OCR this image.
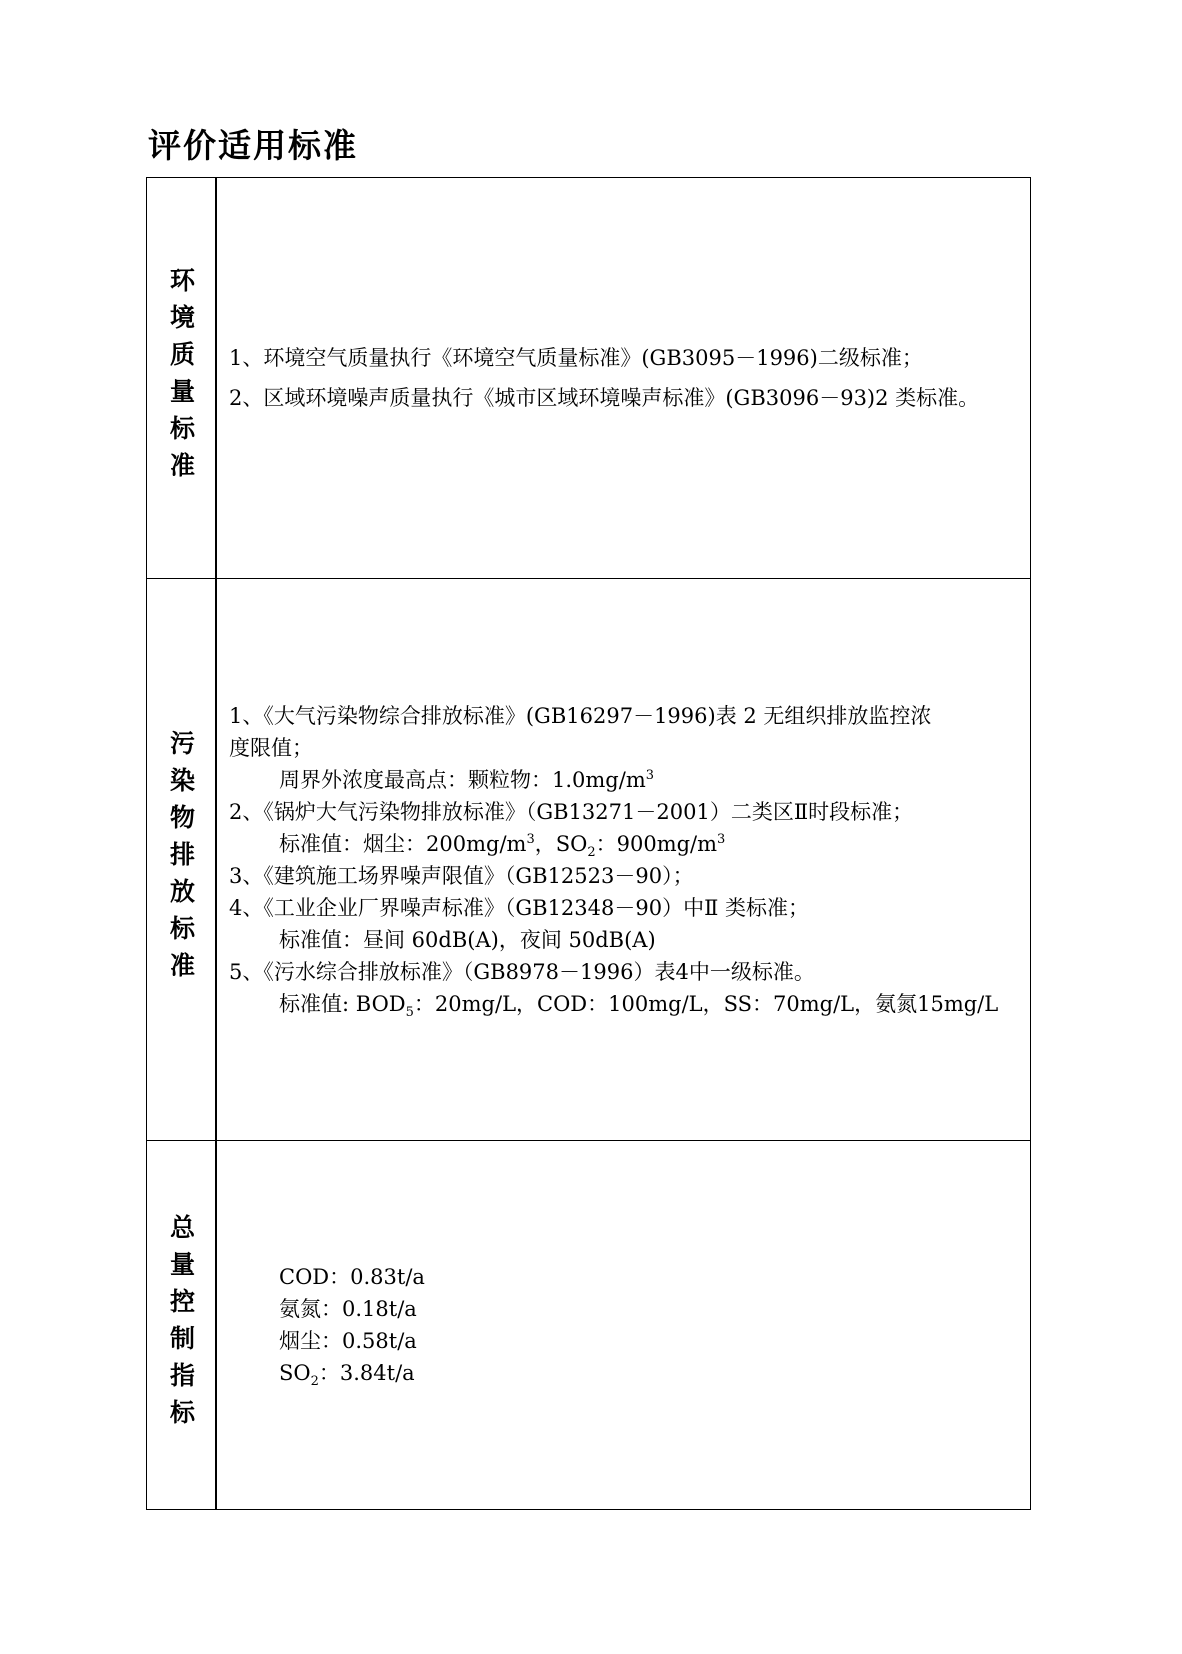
评价适用标准
环境质量标准 1、环境空气质量执行《环境空气质量标准》(GB3095－1996)二级标准；

2、区域环境噪声质量执行《城市区域环境噪声标准》(GB3096－93)2 类标准。

污染物排放标准
1、《大气污染物综合排放标准》(GB16297－1996)表 2 无组织排放监控浓
度限值；
周界外浓度最高点：颗粒物：$1.0mg/m^3$
2、《锅炉大气污染物排放标准》（GB13271－2001）二类区Ⅱ时段标准；
标准值：烟尘：$200mg/m^3$，$SO_2$：$900mg/m^3$
3、《建筑施工场界噪声限值》（GB12523－90）；
4、《工业企业厂界噪声标准》（GB12348－90）中Ⅱ 类标准；
标准值：昼间 60dB(A)，夜间 50dB(A)
5、《污水综合排放标准》（GB8978－1996）表4中一级标准。
标准值: $BOD_5$：20mg/L，COD：100mg/L，SS：70mg/L，氨氮15mg/L
总量控制指标	COD：0.83t/a
氨氮：0.18t/a
烟尘：0.58t/a
$SO_2$：3.84t/a
